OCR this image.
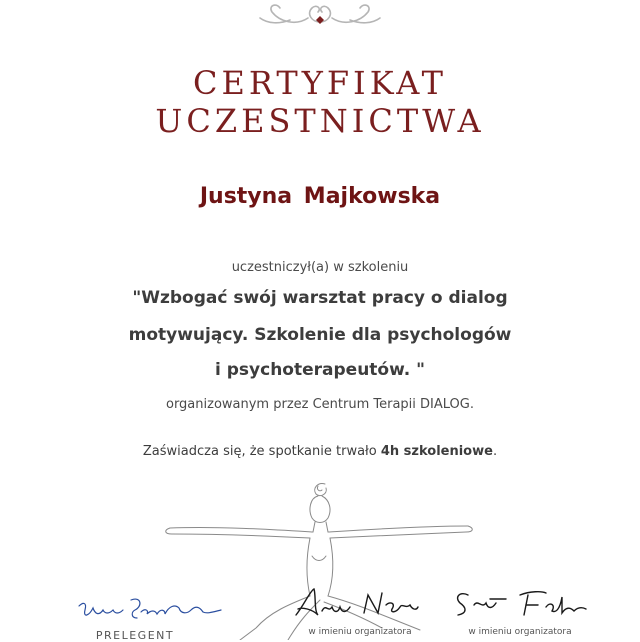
CERTYFIKAT
UCZESTNICTWA
Justyna Majkowska
uczestniczył(a) w szkoleniu
"Wzbogać swój warsztat pracy o dialog
motywujący. Szkolenie dla psychologów
i psychoterapeutów. "
organizowanym przez Centrum Terapii DIALOG.
Zaświadcza się, że spotkanie trwało 4h szkoleniowe.
PRELEGENT	w imieniu organizatora	w imieniu organizatora
